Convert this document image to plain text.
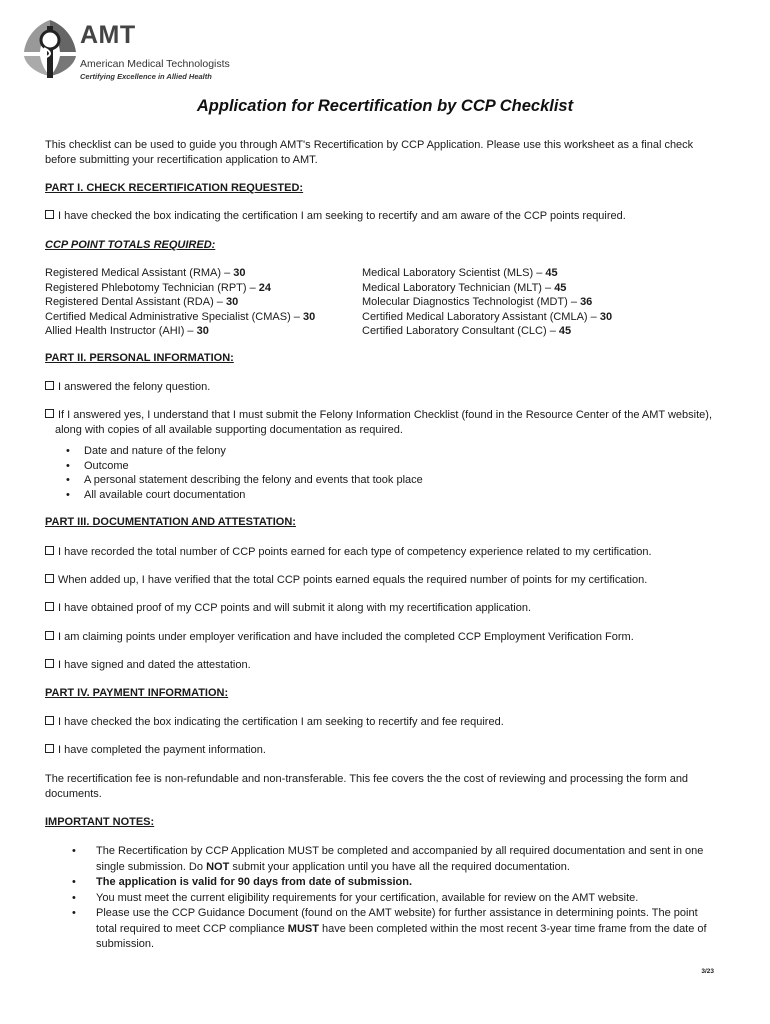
AMT
American Medical Technologists
Certifying Excellence in Allied Health
Application for Recertification by CCP Checklist
This checklist can be used to guide you through AMT's Recertification by CCP Application. Please use this worksheet as a final check before submitting your recertification application to AMT.
PART I. CHECK RECERTIFICATION REQUESTED:
I have checked the box indicating the certification I am seeking to recertify and am aware of the CCP points required.
CCP POINT TOTALS REQUIRED:
Registered Medical Assistant (RMA) – 30
Registered Phlebotomy Technician (RPT) – 24
Registered Dental Assistant (RDA) – 30
Certified Medical Administrative Specialist (CMAS) – 30
Allied Health Instructor (AHI) – 30
Medical Laboratory Scientist (MLS) – 45
Medical Laboratory Technician (MLT) – 45
Molecular Diagnostics Technologist (MDT) – 36
Certified Medical Laboratory Assistant (CMLA) – 30
Certified Laboratory Consultant (CLC) – 45
PART II. PERSONAL INFORMATION:
I answered the felony question.
If I answered yes, I understand that I must submit the Felony Information Checklist (found in the Resource Center of the AMT website), along with copies of all available supporting documentation as required.
• Date and nature of the felony
• Outcome
• A personal statement describing the felony and events that took place
• All available court documentation
PART III. DOCUMENTATION AND ATTESTATION:
I have recorded the total number of CCP points earned for each type of competency experience related to my certification.
When added up, I have verified that the total CCP points earned equals the required number of points for my certification.
I have obtained proof of my CCP points and will submit it along with my recertification application.
I am claiming points under employer verification and have included the completed CCP Employment Verification Form.
I have signed and dated the attestation.
PART IV. PAYMENT INFORMATION:
I have checked the box indicating the certification I am seeking to recertify and fee required.
I have completed the payment information.
The recertification fee is non-refundable and non-transferable. This fee covers the the cost of reviewing and processing the form and documents.
IMPORTANT NOTES:
• The Recertification by CCP Application MUST be completed and accompanied by all required documentation and sent in one single submission. Do NOT submit your application until you have all the required documentation.
• The application is valid for 90 days from date of submission.
• You must meet the current eligibility requirements for your certification, available for review on the AMT website.
• Please use the CCP Guidance Document (found on the AMT website) for further assistance in determining points. The point total required to meet CCP compliance MUST have been completed within the most recent 3-year time frame from the date of submission.
3/23
